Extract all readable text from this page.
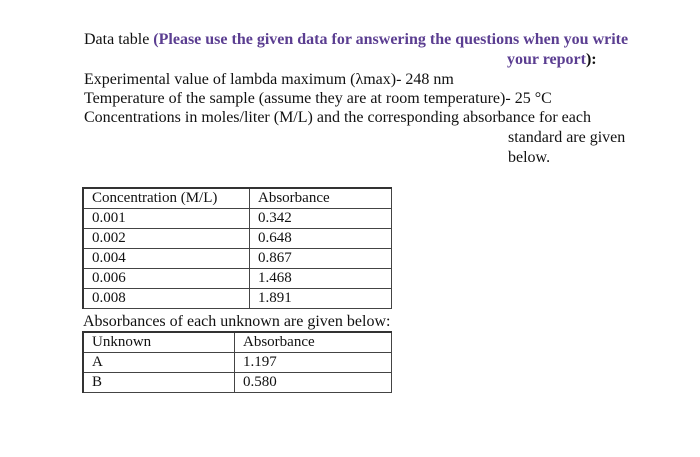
Data table (Please use the given data for answering the questions when you write
your report):
Experimental value of lambda maximum (λmax)- 248 nm
Temperature of the sample (assume they are at room temperature)- 25 °C
Concentrations in moles/liter (M/L) and the corresponding absorbance for each
standard are given
below.
Concentration (M/L)	Absorbance
0.001	0.342
0.002	0.648
0.004	0.867
0.006	1.468
0.008	1.891
Absorbances of each unknown are given below:
Unknown	Absorbance
A	1.197
B	0.580
